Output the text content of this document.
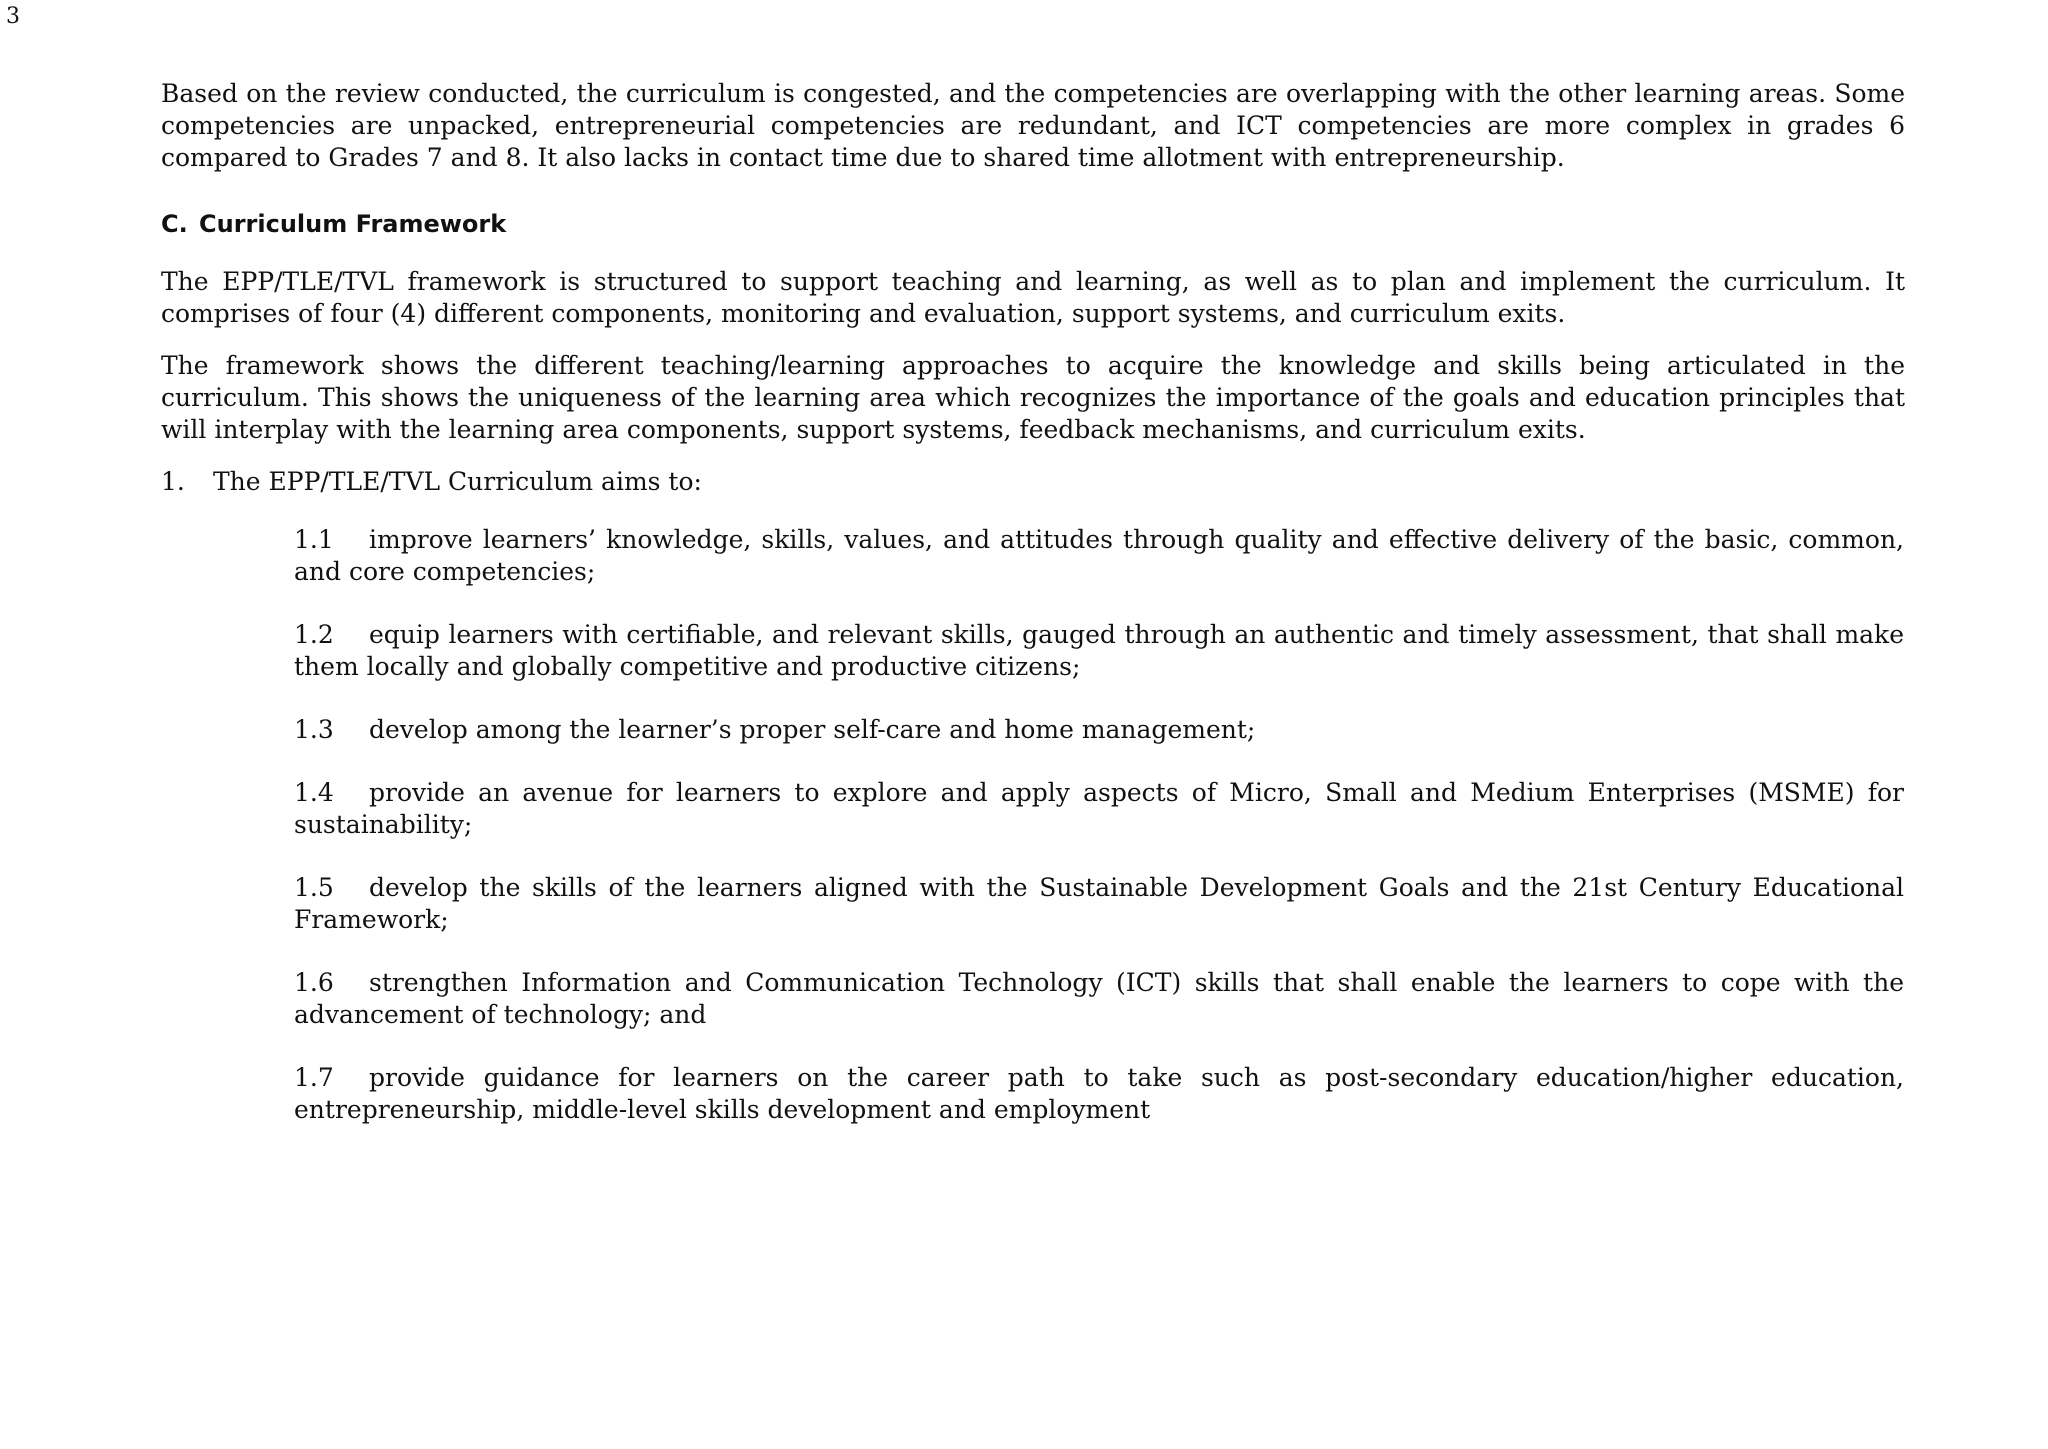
3

Based on the review conducted, the curriculum is congested, and the competencies are overlapping with the other learning areas. Some competencies are unpacked, entrepreneurial competencies are redundant, and ICT competencies are more complex in grades 6 compared to Grades 7 and 8. It also lacks in contact time due to shared time allotment with entrepreneurship.

C. Curriculum Framework

The EPP/TLE/TVL framework is structured to support teaching and learning, as well as to plan and implement the curriculum. It comprises of four (4) different components, monitoring and evaluation, support systems, and curriculum exits.

The framework shows the different teaching/learning approaches to acquire the knowledge and skills being articulated in the curriculum. This shows the uniqueness of the learning area which recognizes the importance of the goals and education principles that will interplay with the learning area components, support systems, feedback mechanisms, and curriculum exits.

1.	The EPP/TLE/TVL Curriculum aims to:

1.1 improve learners’ knowledge, skills, values, and attitudes through quality and effective delivery of the basic, common, and core competencies;

1.2 equip learners with certifiable, and relevant skills, gauged through an authentic and timely assessment, that shall make them locally and globally competitive and productive citizens;

1.3 develop among the learner’s proper self-care and home management;

1.4 provide an avenue for learners to explore and apply aspects of Micro, Small and Medium Enterprises (MSME) for sustainability;

1.5 develop the skills of the learners aligned with the Sustainable Development Goals and the 21st Century Educational Framework;

1.6 strengthen Information and Communication Technology (ICT) skills that shall enable the learners to cope with the advancement of technology; and

1.7 provide guidance for learners on the career path to take such as post-secondary education/higher education, entrepreneurship, middle-level skills development and employment
